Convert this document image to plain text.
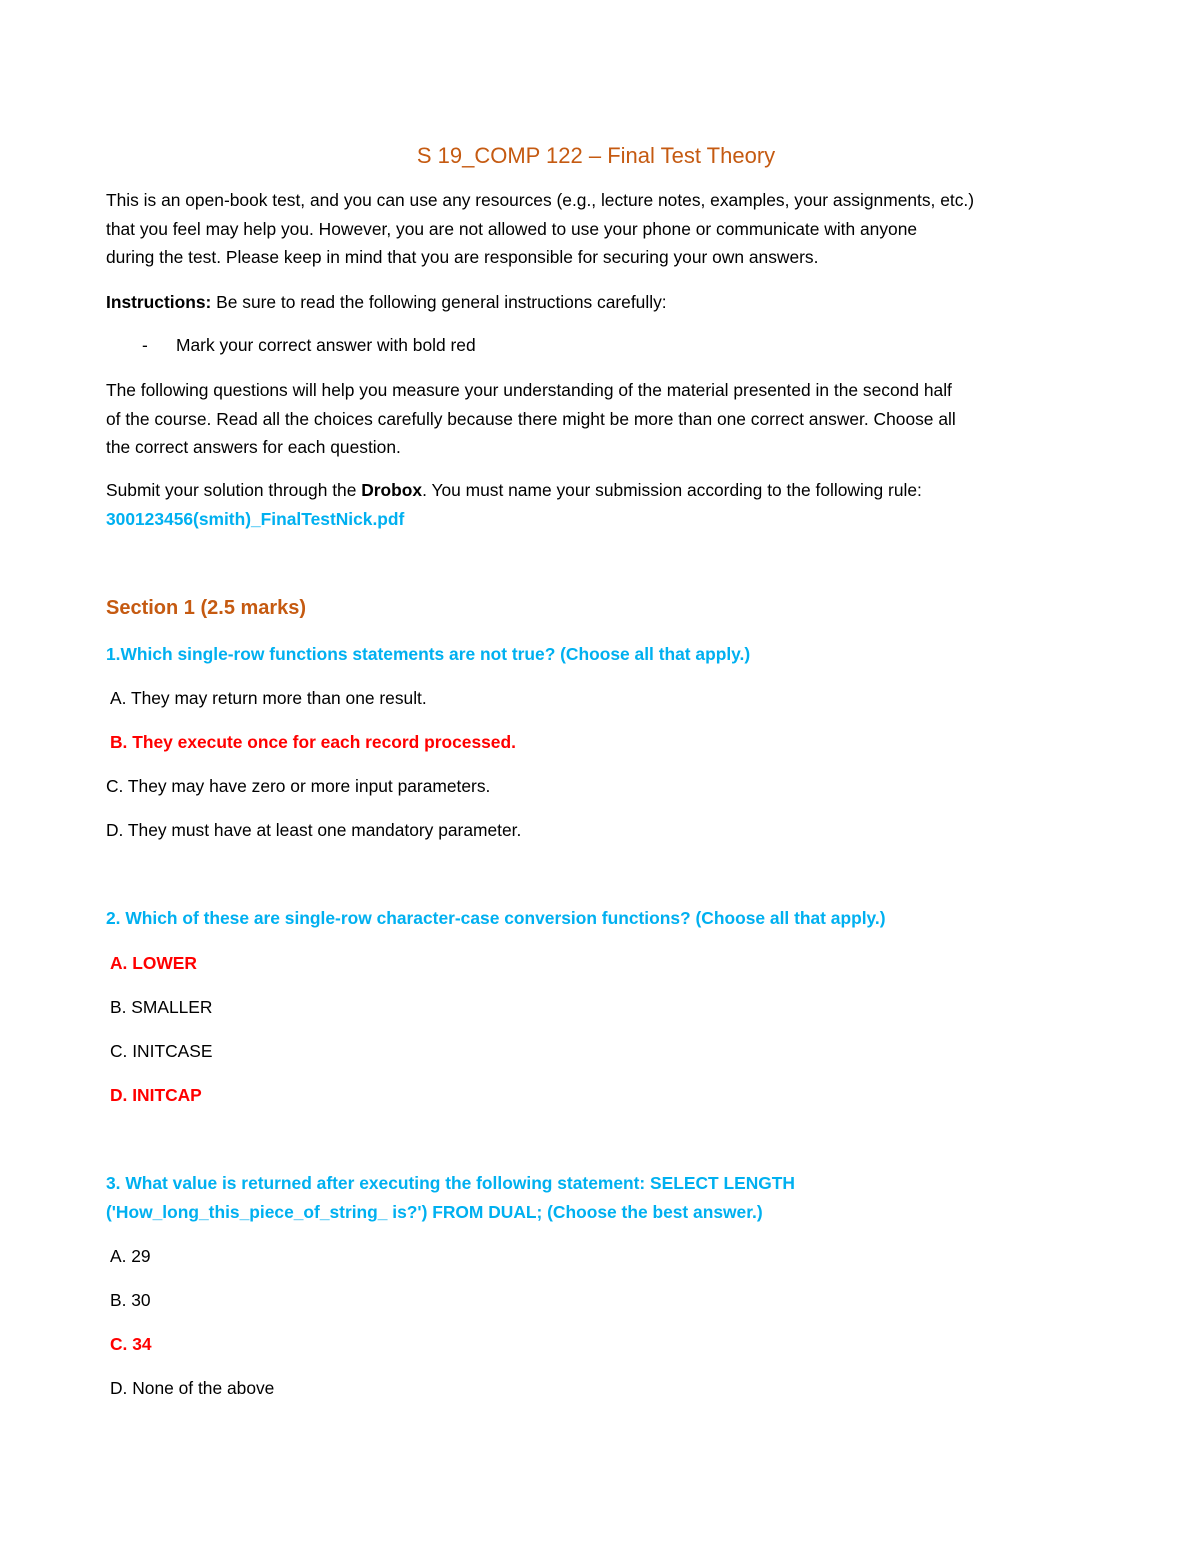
S 19_COMP 122 – Final Test Theory
This is an open-book test, and you can use any resources (e.g., lecture notes, examples, your assignments, etc.)
that you feel may help you. However, you are not allowed to use your phone or communicate with anyone
during the test. Please keep in mind that you are responsible for securing your own answers.
Instructions: Be sure to read the following general instructions carefully:
- Mark your correct answer with bold red
The following questions will help you measure your understanding of the material presented in the second half
of the course. Read all the choices carefully because there might be more than one correct answer. Choose all
the correct answers for each question.
Submit your solution through the Drobox. You must name your submission according to the following rule:
300123456(smith)_FinalTestNick.pdf
Section 1 (2.5 marks)
1.Which single-row functions statements are not true? (Choose all that apply.)
A. They may return more than one result.
B. They execute once for each record processed.
C. They may have zero or more input parameters.
D. They must have at least one mandatory parameter.
2. Which of these are single-row character-case conversion functions? (Choose all that apply.)
A. LOWER
B. SMALLER
C. INITCASE
D. INITCAP
3. What value is returned after executing the following statement: SELECT LENGTH
('How_long_this_piece_of_string_ is?') FROM DUAL; (Choose the best answer.)
A. 29
B. 30
C. 34
D. None of the above
